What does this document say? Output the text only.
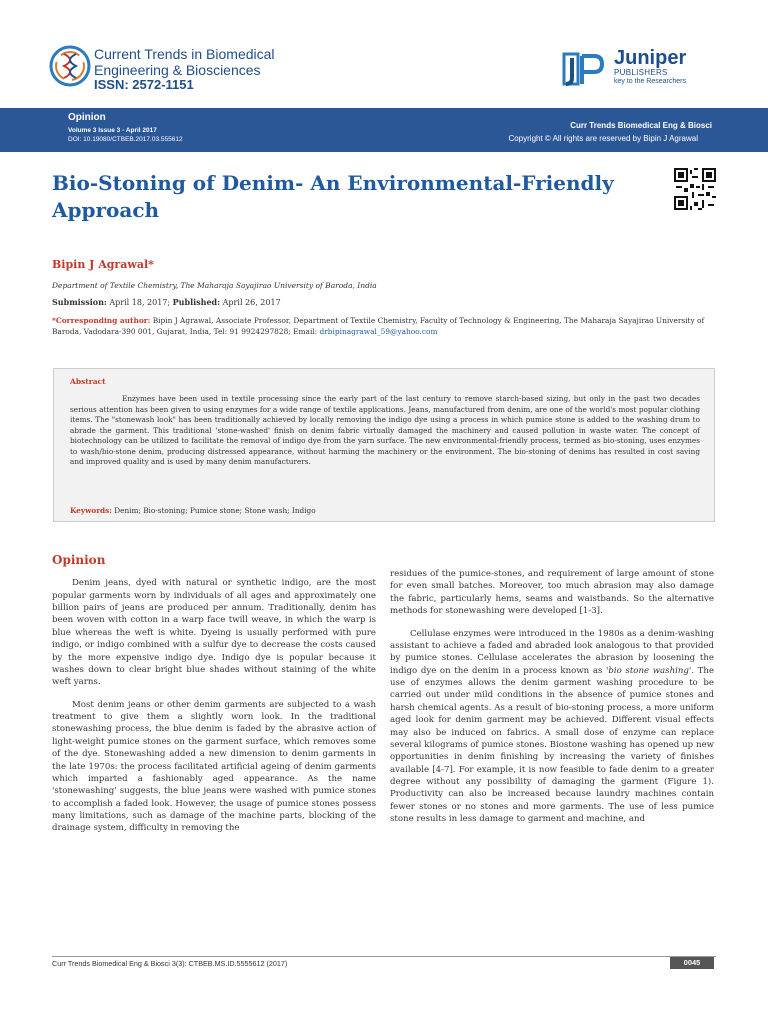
Current Trends in Biomedical
Engineering & Biosciences
ISSN: 2572-1151
Juniper
PUBLISHERS
key to the Researchers
Opinion
Volume 3 Issue 3 - April 2017
DOI: 10.19080/CTBEB.2017.03.555612
Curr Trends Biomedical Eng & Biosci
Copyright © All rights are reserved by Bipin J Agrawal
Bio-Stoning of Denim- An Environmental-Friendly Approach
Bipin J Agrawal*
Department of Textile Chemistry, The Maharaja Sayajirao University of Baroda, India
Submission: April 18, 2017; Published: April 26, 2017
*Corresponding author: Bipin J Agrawal, Associate Professor, Department of Textile Chemistry, Faculty of Technology & Engineering, The Maharaja Sayajirao University of Baroda, Vadodara-390 001, Gujarat, India, Tel: 91 9924297828; Email: drbipinagrawal_59@yahoo.com
Abstract
Enzymes have been used in textile processing since the early part of the last century to remove starch-based sizing, but only in the past two decades serious attention has been given to using enzymes for a wide range of textile applications. Jeans, manufactured from denim, are one of the world's most popular clothing items. The "stonewash look" has been traditionally achieved by locally removing the indigo dye using a process in which pumice stone is added to the washing drum to abrade the garment. This traditional 'stone-washed' finish on denim fabric virtually damaged the machinery and caused pollution in waste water. The concept of biotechnology can be utilized to facilitate the removal of indigo dye from the yarn surface. The new environmental-friendly process, termed as bio-stoning, uses enzymes to wash/bio-stone denim, producing distressed appearance, without harming the machinery or the environment. The bio-stoning of denims has resulted in cost saving and improved quality and is used by many denim manufacturers.
Keywords: Denim; Bio-stoning; Pumice stone; Stone wash; Indigo
Opinion

Denim jeans, dyed with natural or synthetic indigo, are the most popular garments worn by individuals of all ages and approximately one billion pairs of jeans are produced per annum. Traditionally, denim has been woven with cotton in a warp face twill weave, in which the warp is blue whereas the weft is white. Dyeing is usually performed with pure indigo, or indigo combined with a sulfur dye to decrease the costs caused by the more expensive indigo dye. Indigo dye is popular because it washes down to clear bright blue shades without staining of the white weft yarns.

Most denim jeans or other denim garments are subjected to a wash treatment to give them a slightly worn look. In the traditional stonewashing process, the blue denim is faded by the abrasive action of light-weight pumice stones on the garment surface, which removes some of the dye. Stonewashing added a new dimension to denim garments in the late 1970s: the process facilitated artificial ageing of denim garments which imparted a fashionably aged appearance. As the name 'stonewashing' suggests, the blue jeans were washed with pumice stones to accomplish a faded look. However, the usage of pumice stones possess many limitations, such as damage of the machine parts, blocking of the drainage system, difficulty in removing the

residues of the pumice-stones, and requirement of large amount of stone for even small batches. Moreover, too much abrasion may also damage the fabric, particularly hems, seams and waistbands. So the alternative methods for stonewashing were developed [1-3].

Cellulase enzymes were introduced in the 1980s as a denim-washing assistant to achieve a faded and abraded look analogous to that provided by pumice stones. Cellulase accelerates the abrasion by loosening the indigo dye on the denim in a process known as 'bio stone washing'. The use of enzymes allows the denim garment washing procedure to be carried out under mild conditions in the absence of pumice stones and harsh chemical agents. As a result of bio-stoning process, a more uniform aged look for denim garment may be achieved. Different visual effects may also be induced on fabrics. A small dose of enzyme can replace several kilograms of pumice stones. Biostone washing has opened up new opportunities in denim finishing by increasing the variety of finishes available [4-7]. For example, it is now feasible to fade denim to a greater degree without any possibility of damaging the garment (Figure 1). Productivity can also be increased because laundry machines contain fewer stones or no stones and more garments. The use of less pumice stone results in less damage to garment and machine, and

Curr Trends Biomedical Eng & Biosci 3(3): CTBEB.MS.ID.5555612 (2017)	0045
